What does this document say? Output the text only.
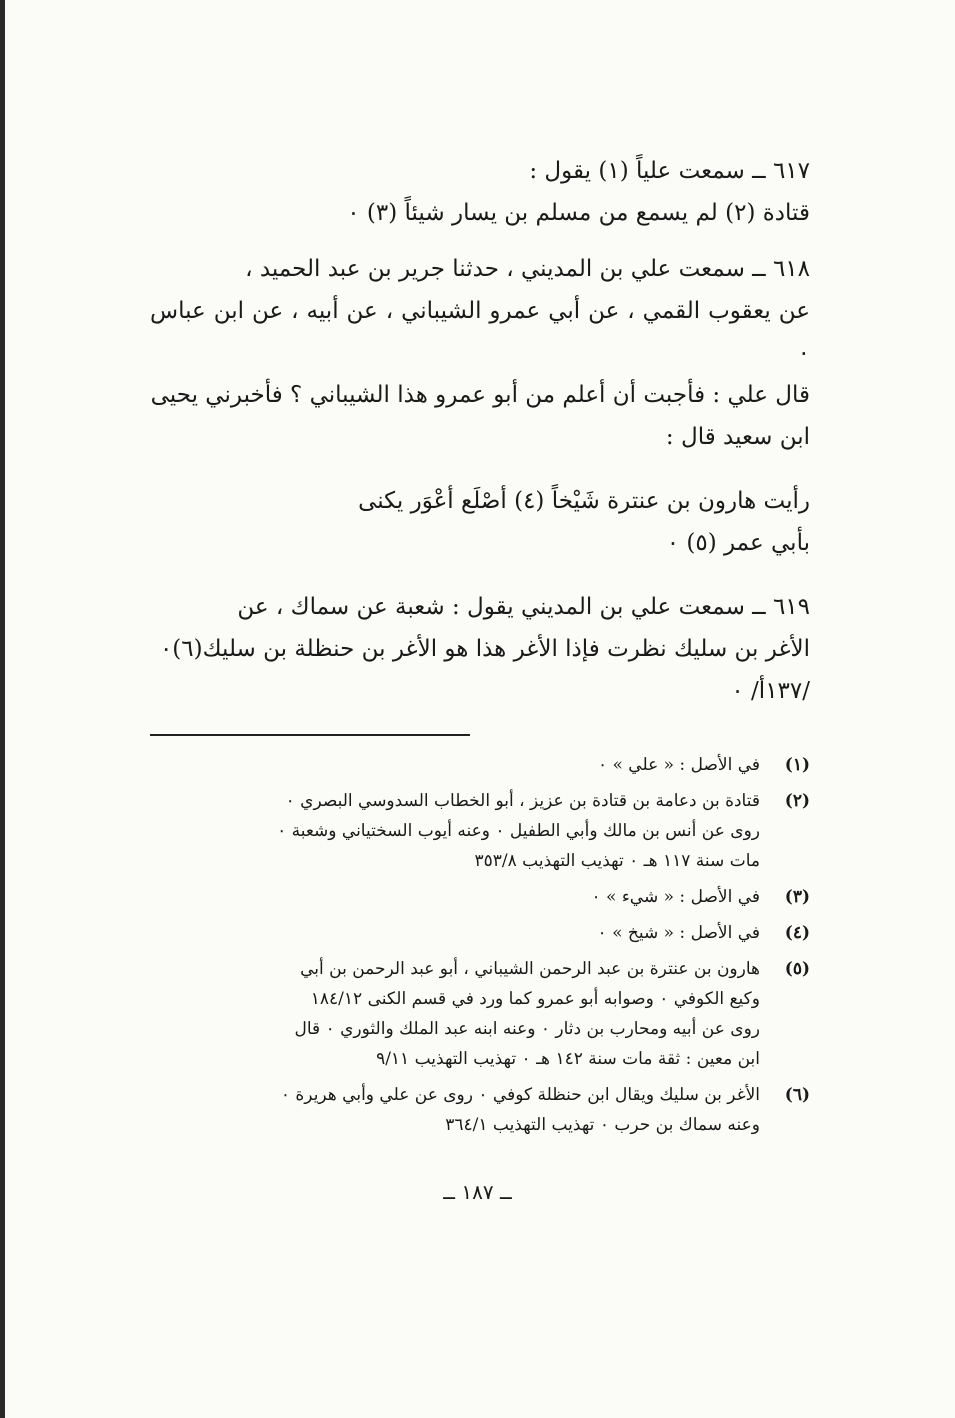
٦١٧ ــ سمعت علياً (١) يقول :

قتادة (٢) لم يسمع من مسلم بن يسار شيئاً (٣) ٠

٦١٨ ــ سمعت علي بن المديني ، حدثنا جرير بن عبد الحميد ،

عن يعقوب القمي ، عن أبي عمرو الشيباني ، عن أبيه ، عن ابن عباس ٠

قال علي : فأجبت أن أعلم من أبو عمرو هذا الشيباني ؟ فأخبرني يحيى

ابن سعيد قال :

رأيت هارون بن عنترة شَيْخاً (٤) أصْلَع أعْوَر يكنى

بأبي عمر (٥) ٠

٦١٩ ــ سمعت علي بن المديني يقول : شعبة عن سماك ، عن

الأغر بن سليك نظرت فإذا الأغر هذا هو الأغر بن حنظلة بن سليك(٦)٠

/١٣٧أ/ ٠

(١)
في الأصل : « علي » ٠
(٢)
قتادة بن دعامة بن قتادة بن عزيز ، أبو الخطاب السدوسي البصري ٠
روى عن أنس بن مالك وأبي الطفيل ٠ وعنه أيوب السختياني وشعبة ٠
مات سنة ١١٧ هـ ٠ تهذيب التهذيب ٣٥٣/٨
(٣)
في الأصل : « شيء » ٠
(٤)
في الأصل : « شيخ » ٠
(٥)
هارون بن عنترة بن عبد الرحمن الشيباني ، أبو عبد الرحمن بن أبي
وكيع الكوفي ٠ وصوابه أبو عمرو كما ورد في قسم الكنى ١٨٤/١٢
روى عن أبيه ومحارب بن دثار ٠ وعنه ابنه عبد الملك والثوري ٠ قال
ابن معين : ثقة مات سنة ١٤٢ هـ ٠ تهذيب التهذيب ٩/١١
(٦)
الأغر بن سليك ويقال ابن حنظلة كوفي ٠ روى عن علي وأبي هريرة ٠
وعنه سماك بن حرب ٠ تهذيب التهذيب ٣٦٤/١
ــ ١٨٧ ــ
